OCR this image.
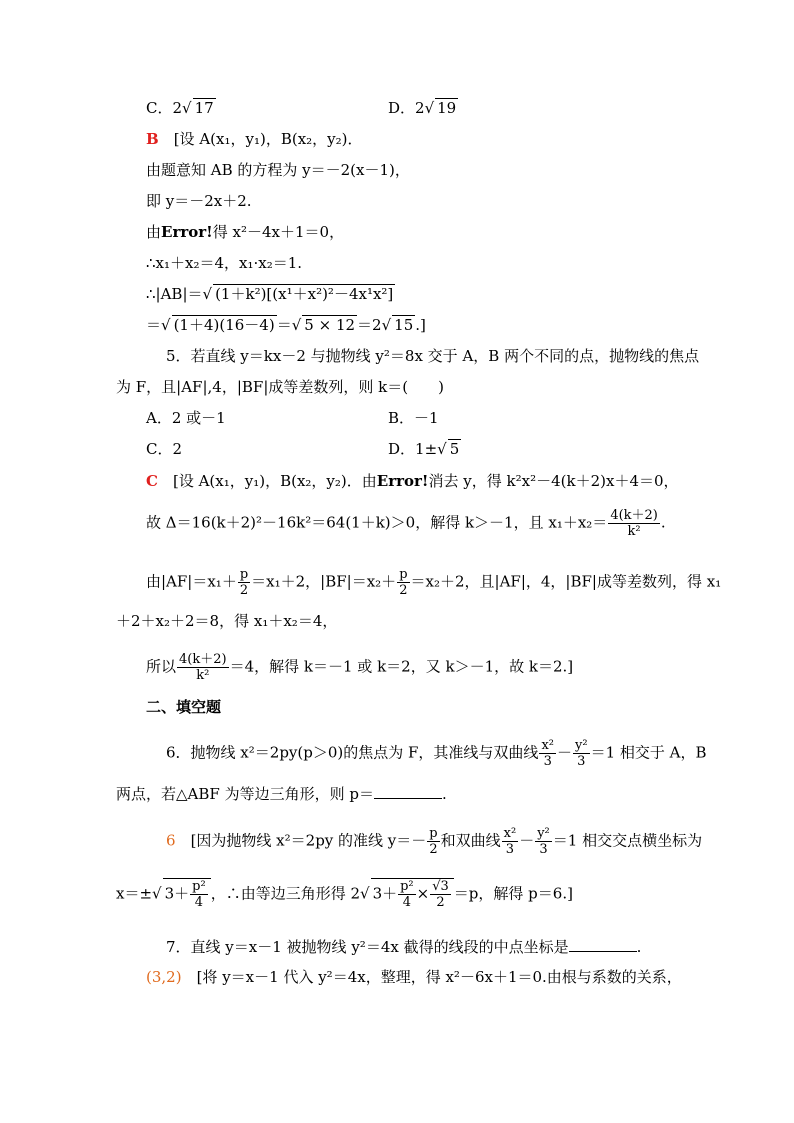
C．2√ 17	D．2√ 19
B　 [设 A(x₁，y₁)，B(x₂，y₂)．
由题意知 AB 的方程为 y＝－2(x－1)，
即 y＝－2x＋2.
由Error!得 x²－4x＋1＝0，
∴x₁＋x₂＝4，x₁·x₂＝1.
∴|AB|＝√ (1＋k²)[(x¹＋x²)²－4x¹x²]
＝√ (1＋4)(16－4) ＝√ 5 × 12 ＝2√ 15 .]
5．若直线 y＝kx－2 与抛物线 y²＝8x 交于 A，B 两个不同的点，抛物线的焦点
为 F，且|AF|,4，|BF|成等差数列，则 k＝(　　)
A．2 或－1	B．－1
C．2	D．1±√ 5
C　 [设 A(x₁，y₁)，B(x₂，y₂)．由Error!消去 y，得 k²x²－4(k＋2)x＋4＝0，
故 Δ＝16(k＋2)²－16k²＝64(1＋k)＞0，解得 k＞－1，且 $x_1+x_2= \frac{4(k+2)}{\text{k²}}$ .
由$|AF|=x_1+ \frac{p}{2} =x_1+2$，$|BF|=x_2+ \frac{p}{2} =x_2+2$，且|AF|，4，|BF|成等差数列，得 x₁
＋2＋x₂＋2＝8，得 x₁＋x₂＝4，
所以 $\frac{4(k+2)}{\text{k²}} =4$，解得 k＝－1 或 k＝2，又 k＞－1，故 k＝2.]
二、填空题
6．抛物线 x²＝2py(p＞0)的焦点为 F，其准线与双曲线 $\frac{\text{x²}}{3} - \frac{\text{y²}}{3} =1$ 相交于 A，B
两点，若△ABF 为等边三角形，则 p＝	.
6　 [因为抛物线 x²＝2py 的准线 $y=- \frac{p}{2}$ 和双曲线 $\frac{\text{x²}}{3} - \frac{\text{y²}}{3} =1$ 相交交点横坐标为
x＝±√ $3+ \frac{\text{p²}}{4}$ ，∴由等边三角形得 2√ $3+ \frac{\text{p²}}{4} \times \frac{√3}{2} =p$，解得 p＝6.]
7．直线 y＝x－1 被抛物线 y²＝4x 截得的线段的中点坐标是	.
(3,2)　 [将 y＝x－1 代入 y²＝4x，整理，得 x²－6x＋1＝0.由根与系数的关系，
